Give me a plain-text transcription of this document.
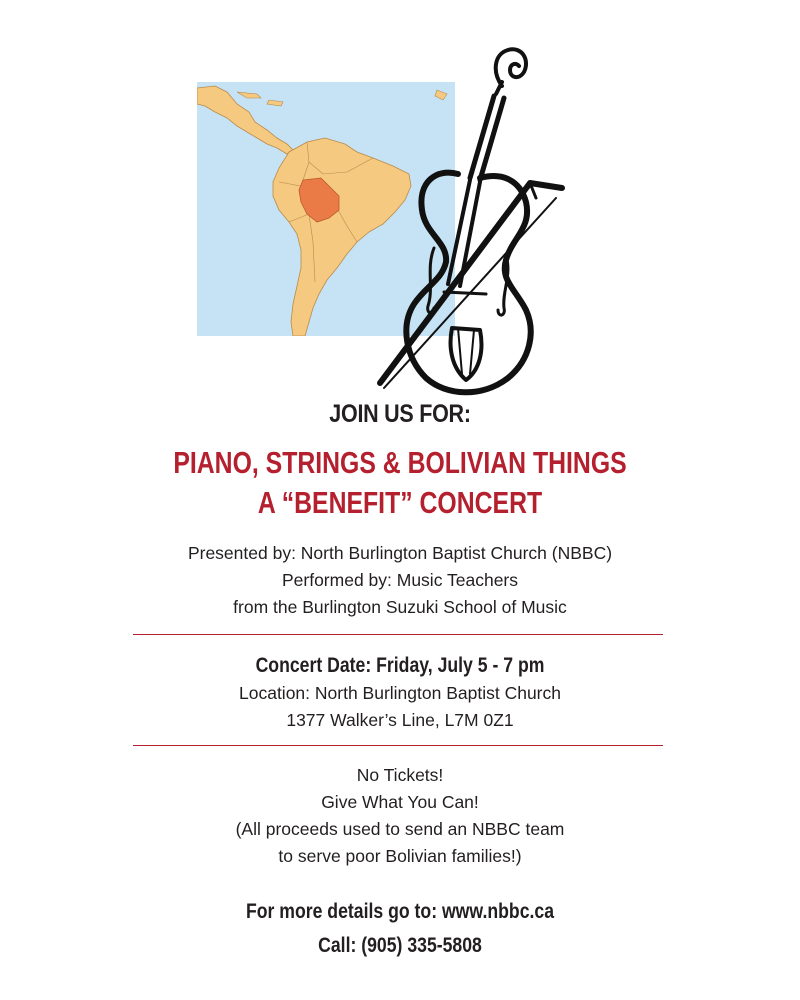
JOIN US FOR:
PIANO, STRINGS & BOLIVIAN THINGS
A “BENEFIT” CONCERT
Presented by: North Burlington Baptist Church (NBBC)
Performed by: Music Teachers
from the Burlington Suzuki School of Music
Concert Date: Friday, July 5 - 7 pm
Location: North Burlington Baptist Church
1377 Walker’s Line, L7M 0Z1
No Tickets!
Give What You Can!
(All proceeds used to send an NBBC team
to serve poor Bolivian families!)
For more details go to: www.nbbc.ca
Call: (905) 335-5808
